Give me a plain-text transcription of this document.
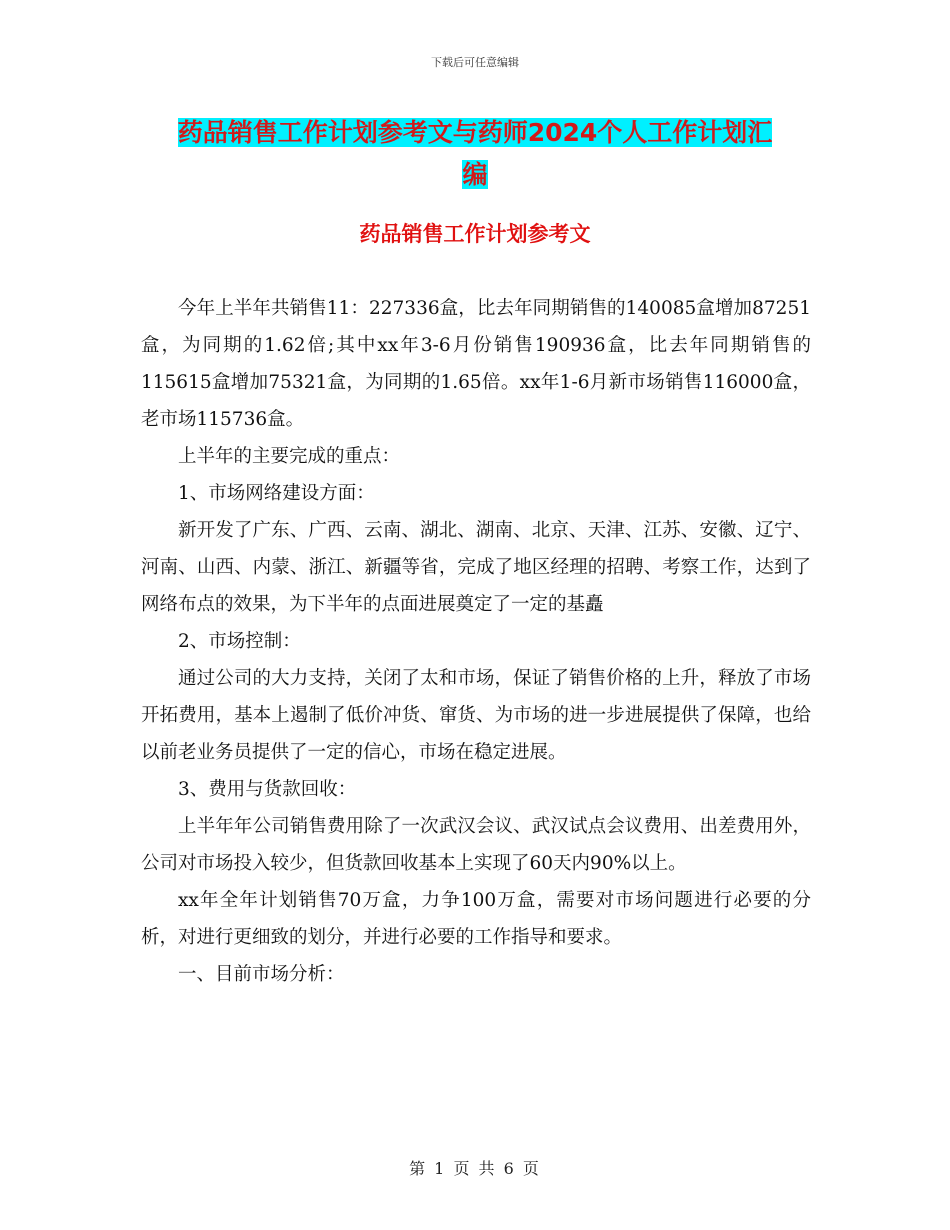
下载后可任意编辑
药品销售工作计划参考文与药师2024个人工作计划汇
编
药品销售工作计划参考文

今年上半年共销售11：227336盒，比去年同期销售的140085盒增加87251盒，为同期的1.62倍;其中xx年3-6月份销售190936盒，比去年同期销售的115615盒增加75321盒，为同期的1.65倍。xx年1-6月新市场销售116000盒，老市场115736盒。

上半年的主要完成的重点：

1、市场网络建设方面：

新开发了广东、广西、云南、湖北、湖南、北京、天津、江苏、安徽、辽宁、河南、山西、内蒙、浙江、新疆等省，完成了地区经理的招聘、考察工作，达到了网络布点的效果，为下半年的点面进展奠定了一定的基矗

2、市场控制：

通过公司的大力支持，关闭了太和市场，保证了销售价格的上升，释放了市场开拓费用，基本上遏制了低价冲货、窜货、为市场的进一步进展提供了保障，也给以前老业务员提供了一定的信心，市场在稳定进展。

3、费用与货款回收：

上半年年公司销售费用除了一次武汉会议、武汉试点会议费用、出差费用外，公司对市场投入较少，但货款回收基本上实现了60天内90%以上。

xx年全年计划销售70万盒，力争100万盒，需要对市场问题进行必要的分析，对进行更细致的划分，并进行必要的工作指导和要求。

一、目前市场分析：

第 1 页 共 6 页
